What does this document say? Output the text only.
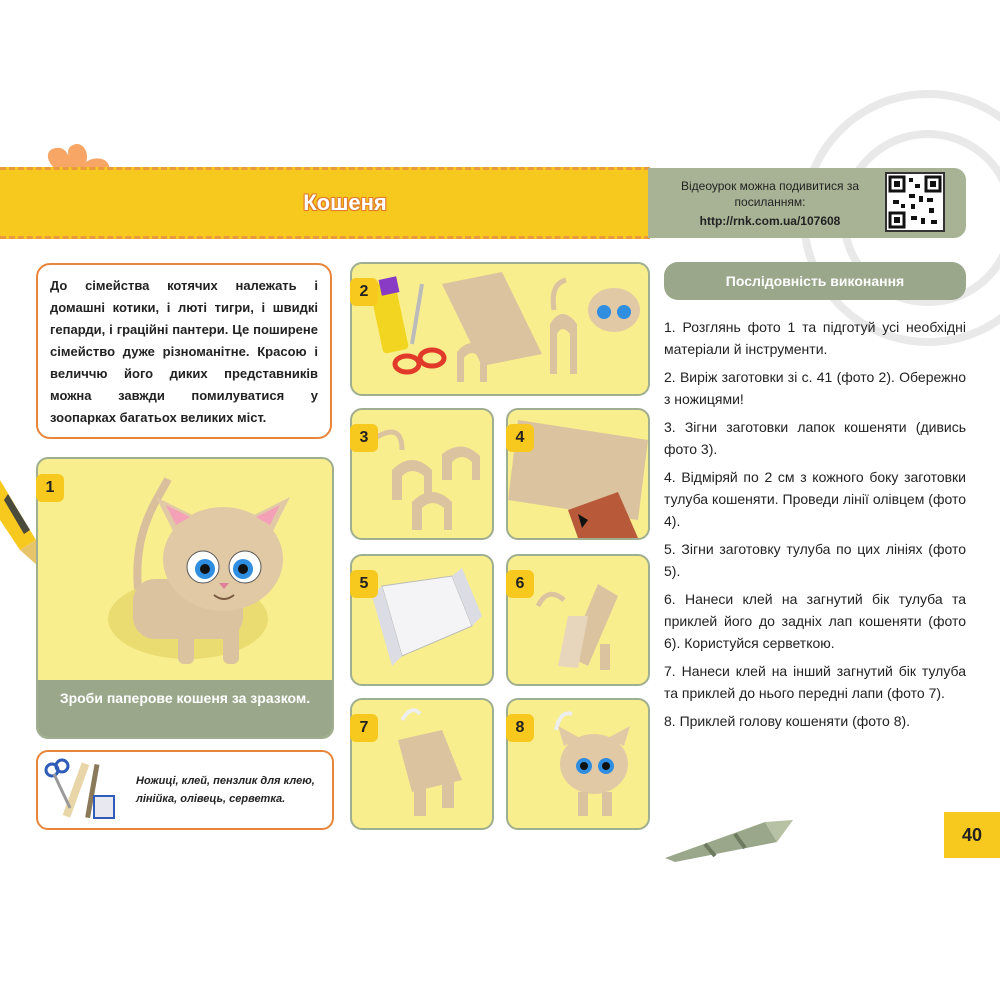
Кошеня
Відеоурок можна подивитися за посиланням:
http://rnk.com.ua/107608
До сімейства котячих належать і домашні котики, і люті тигри, і швидкі гепарди, і граційні пантери. Це поширене сімейство дуже різноманітне. Красою і величчю його диких представників можна завжди помилуватися у зоопарках багатьох великих міст.
1
Зроби паперове кошеня за зразком.
Ножиці, клей, пензлик для клею, лінійка, олівець, серветка.
2
3	4
5	6
7	8
Послідовність виконання
1. Розглянь фото 1 та підготуй усі необхідні матеріали й інструменти.
2. Виріж заготовки зі с. 41 (фото 2). Обережно з ножицями!
3. Зігни заготовки лапок кошеняти (дивись фото 3).
4. Відміряй по 2 см з кожного боку заготовки тулуба кошеняти. Проведи лінії олівцем (фото 4).
5. Зігни заготовку тулуба по цих лініях (фото 5).
6. Нанеси клей на загнутий бік тулуба та приклей його до задніх лап кошеняти (фото 6). Користуйся серветкою.
7. Нанеси клей на інший загнутий бік тулуба та приклей до нього передні лапи (фото 7).
8. Приклей голову кошеняти (фото 8).
40
